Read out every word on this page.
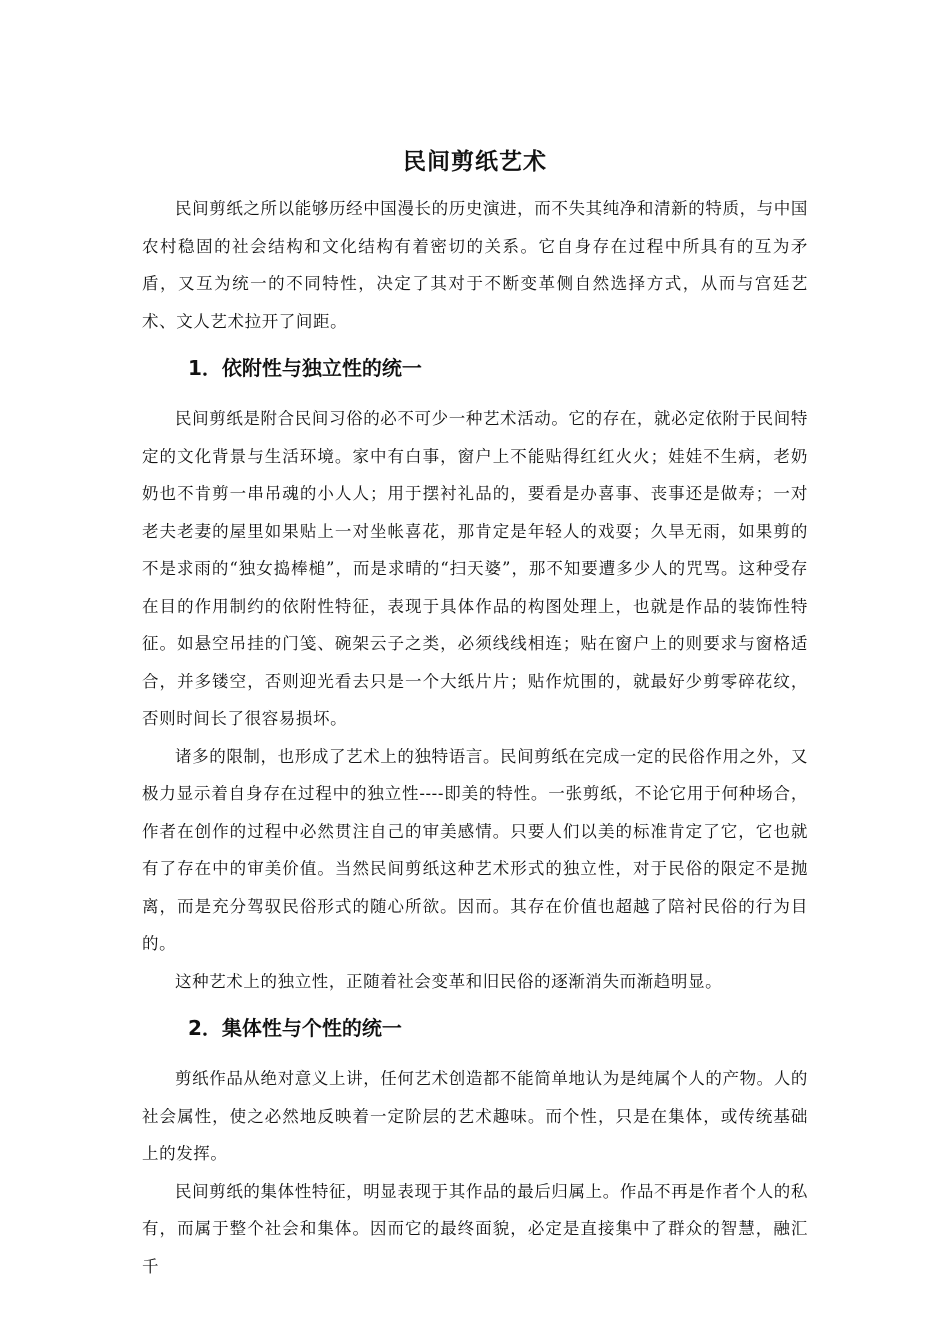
民间剪纸艺术

民间剪纸之所以能够历经中国漫长的历史演进，而不失其纯净和清新的特质，与中国农村稳固的社会结构和文化结构有着密切的关系。它自身存在过程中所具有的互为矛盾，又互为统一的不同特性，决定了其对于不断变革侧自然选择方式，从而与宫廷艺术、文人艺术拉开了间距。

1．依附性与独立性的统一

民间剪纸是附合民间习俗的必不可少一种艺术活动。它的存在，就必定依附于民间特定的文化背景与生活环境。家中有白事，窗户上不能贴得红红火火；娃娃不生病，老奶奶也不肯剪一串吊魂的小人人；用于摆衬礼品的，要看是办喜事、丧事还是做寿；一对老夫老妻的屋里如果贴上一对坐帐喜花，那肯定是年轻人的戏耍；久旱无雨，如果剪的不是求雨的“独女捣棒槌”，而是求晴的“扫天婆”，那不知要遭多少人的咒骂。这种受存在目的作用制约的依附性特征，表现于具体作品的构图处理上，也就是作品的装饰性特征。如悬空吊挂的门笺、碗架云子之类，必须线线相连；贴在窗户上的则要求与窗格适合，并多镂空，否则迎光看去只是一个大纸片片；贴作炕围的，就最好少剪零碎花纹，否则时间长了很容易损坏。

诸多的限制，也形成了艺术上的独特语言。民间剪纸在完成一定的民俗作用之外，又极力显示着自身存在过程中的独立性----即美的特性。一张剪纸，不论它用于何种场合，作者在创作的过程中必然贯注自己的审美感情。只要人们以美的标准肯定了它，它也就有了存在中的审美价值。当然民间剪纸这种艺术形式的独立性，对于民俗的限定不是抛离，而是充分驾驭民俗形式的随心所欲。因而。其存在价值也超越了陪衬民俗的行为目的。

这种艺术上的独立性，正随着社会变革和旧民俗的逐渐消失而渐趋明显。

2．集体性与个性的统一

剪纸作品从绝对意义上讲，任何艺术创造都不能简单地认为是纯属个人的产物。人的社会属性，使之必然地反映着一定阶层的艺术趣味。而个性，只是在集体，或传统基础上的发挥。

民间剪纸的集体性特征，明显表现于其作品的最后归属上。作品不再是作者个人的私有，而属于整个社会和集体。因而它的最终面貌，必定是直接集中了群众的智慧，融汇千
